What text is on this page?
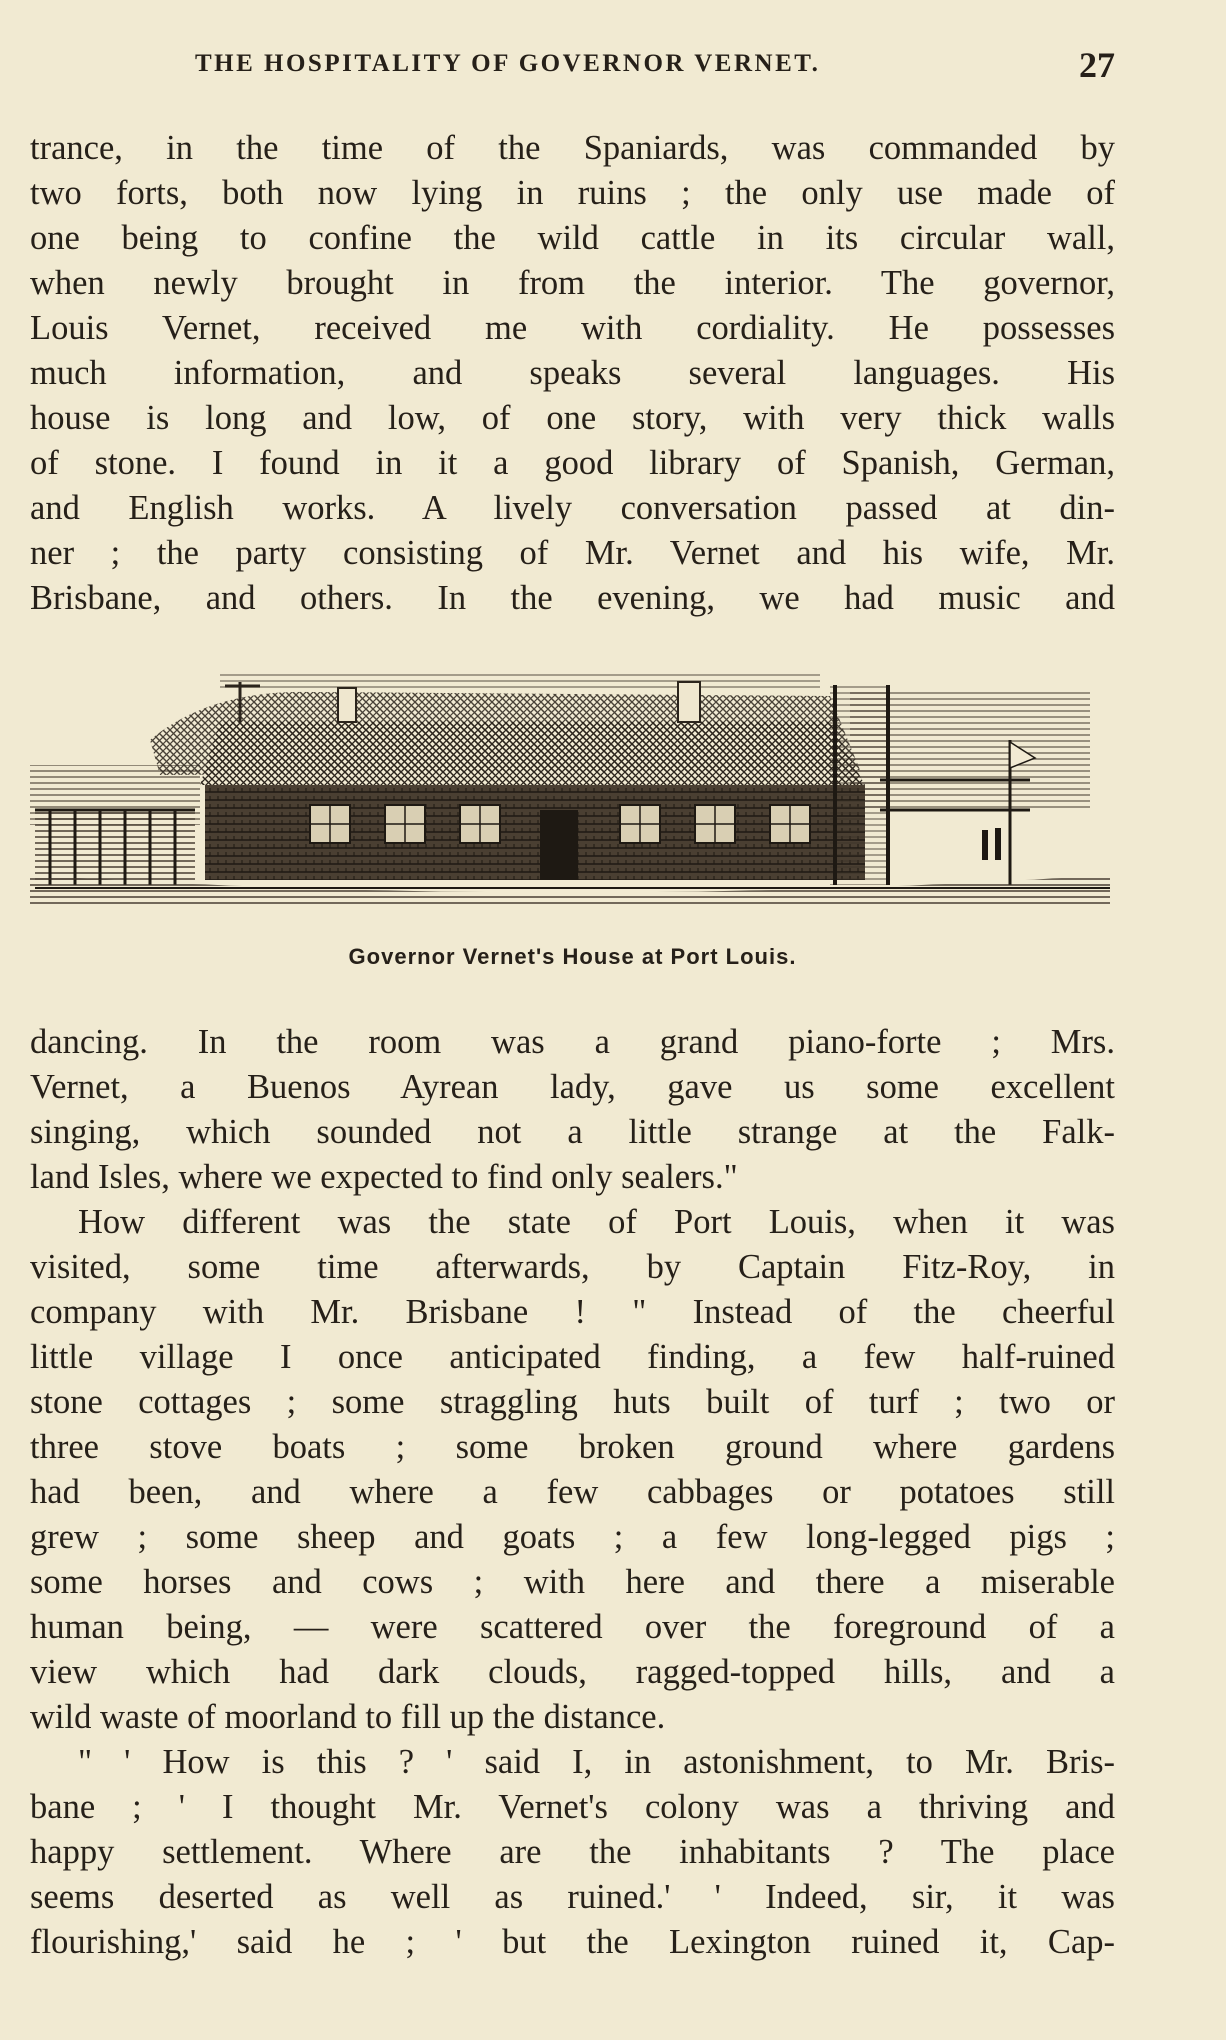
THE HOSPITALITY OF GOVERNOR VERNET.	27
trance, in the time of the Spaniards, was commanded by
two forts, both now lying in ruins ; the only use made of
one being to confine the wild cattle in its circular wall,
when newly brought in from the interior. The governor,
Louis Vernet, received me with cordiality. He possesses
much information, and speaks several languages. His
house is long and low, of one story, with very thick walls
of stone. I found in it a good library of Spanish, German,
and English works. A lively conversation passed at din-
ner ; the party consisting of Mr. Vernet and his wife, Mr.
Brisbane, and others. In the evening, we had music and
Governor Vernet's House at Port Louis.
dancing. In the room was a grand piano-forte ; Mrs.
Vernet, a Buenos Ayrean lady, gave us some excellent
singing, which sounded not a little strange at the Falk-
land Isles, where we expected to find only sealers."
How different was the state of Port Louis, when it was
visited, some time afterwards, by Captain Fitz-Roy, in
company with Mr. Brisbane ! " Instead of the cheerful
little village I once anticipated finding, a few half-ruined
stone cottages ; some straggling huts built of turf ; two or
three stove boats ; some broken ground where gardens
had been, and where a few cabbages or potatoes still
grew ; some sheep and goats ; a few long-legged pigs ;
some horses and cows ; with here and there a miserable
human being, — were scattered over the foreground of a
view which had dark clouds, ragged-topped hills, and a
wild waste of moorland to fill up the distance.
" ' How is this ? ' said I, in astonishment, to Mr. Bris-
bane ; ' I thought Mr. Vernet's colony was a thriving and
happy settlement. Where are the inhabitants ? The place
seems deserted as well as ruined.' ' Indeed, sir, it was
flourishing,' said he ; ' but the Lexington ruined it, Cap-
